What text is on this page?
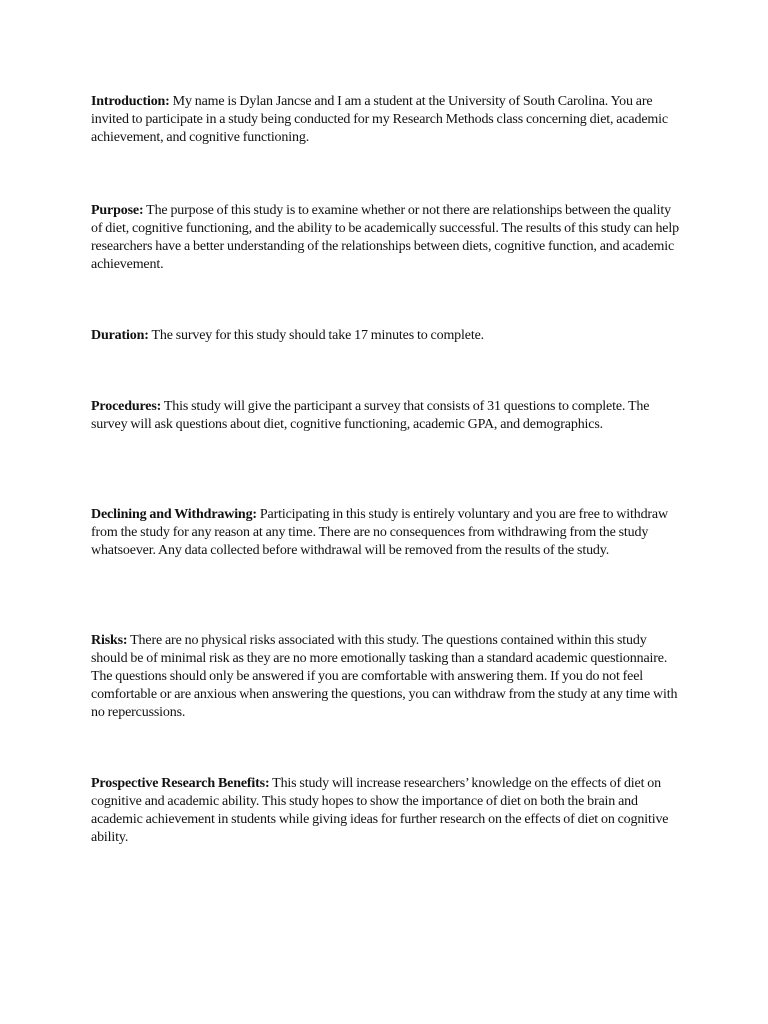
Introduction: My name is Dylan Jancse and I am a student at the University of South Carolina. You are invited to participate in a study being conducted for my Research Methods class concerning diet, academic achievement, and cognitive functioning.

Purpose: The purpose of this study is to examine whether or not there are relationships between the quality of diet, cognitive functioning, and the ability to be academically successful. The results of this study can help researchers have a better understanding of the relationships between diets, cognitive function, and academic achievement.

Duration: The survey for this study should take 17 minutes to complete.

Procedures: This study will give the participant a survey that consists of 31 questions to complete. The survey will ask questions about diet, cognitive functioning, academic GPA, and demographics.

Declining and Withdrawing: Participating in this study is entirely voluntary and you are free to withdraw from the study for any reason at any time. There are no consequences from withdrawing from the study whatsoever. Any data collected before withdrawal will be removed from the results of the study.

Risks: There are no physical risks associated with this study. The questions contained within this study should be of minimal risk as they are no more emotionally tasking than a standard academic questionnaire. The questions should only be answered if you are comfortable with answering them. If you do not feel comfortable or are anxious when answering the questions, you can withdraw from the study at any time with no repercussions.

Prospective Research Benefits: This study will increase researchers’ knowledge on the effects of diet on cognitive and academic ability. This study hopes to show the importance of diet on both the brain and academic achievement in students while giving ideas for further research on the effects of diet on cognitive ability.
